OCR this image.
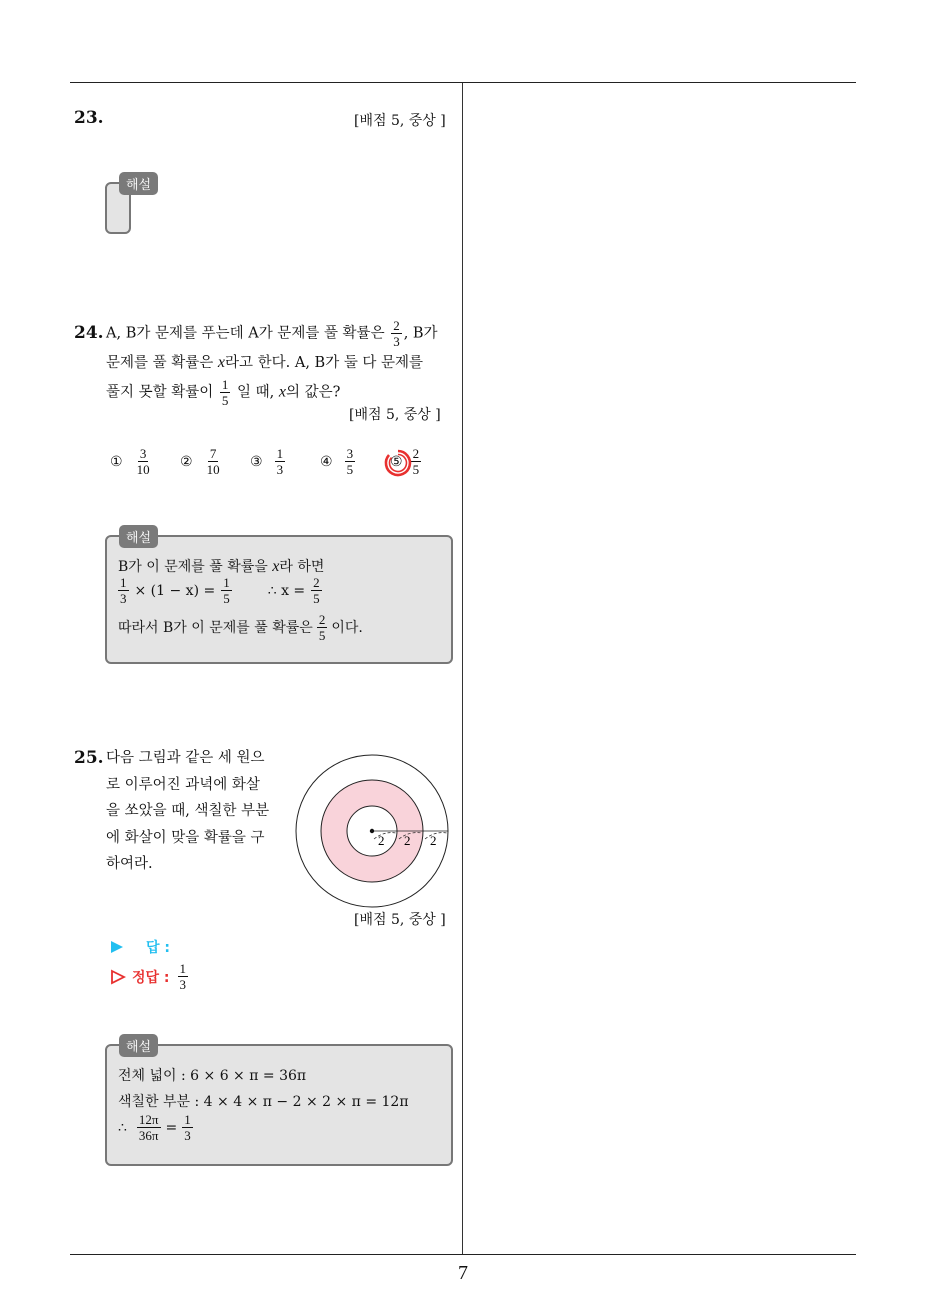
7
23.	[배점 5, 중상 ]
해설
24. A, B가 문제를 푸는데 A가 문제를 풀 확률은 $\frac{2}{3}$ , B가
문제를 풀 확률은 x라고 한다. A, B가 둘 다 문제를
풀지 못할 확률이 $\frac{1}{5}$ 일 때, x의 값은?
[배점 5, 중상 ]
① $\frac{3}{10}$ ② $\frac{7}{10}$ ③ $\frac{1}{3}$ ④ $\frac{3}{5}$ ⑤ $\frac{2}{5}$
해설
B가 이 문제를 풀 확률을 x라 하면
$\frac{1}{3} \times (1 - x) = \frac{1}{5}$	∴ $x = \frac{2}{5}$
따라서 B가 이 문제를 풀 확률은 $\frac{2}{5}$ 이다.
25. 다음 그림과 같은 세 원으
로 이루어진 과녁에 화살
을 쏘았을 때, 색칠한 부분
에 화살이 맞을 확률을 구
하여라.
2 2 2
[배점 5, 중상 ]
답 :
정답 : $\frac{1}{3}$
해설
전체 넓이 : 6 × 6 × π = 36π
색칠한 부분 : 4 × 4 × π − 2 × 2 × π = 12π
∴ $\frac{12\pi}{36\pi} = \frac{1}{3}$
